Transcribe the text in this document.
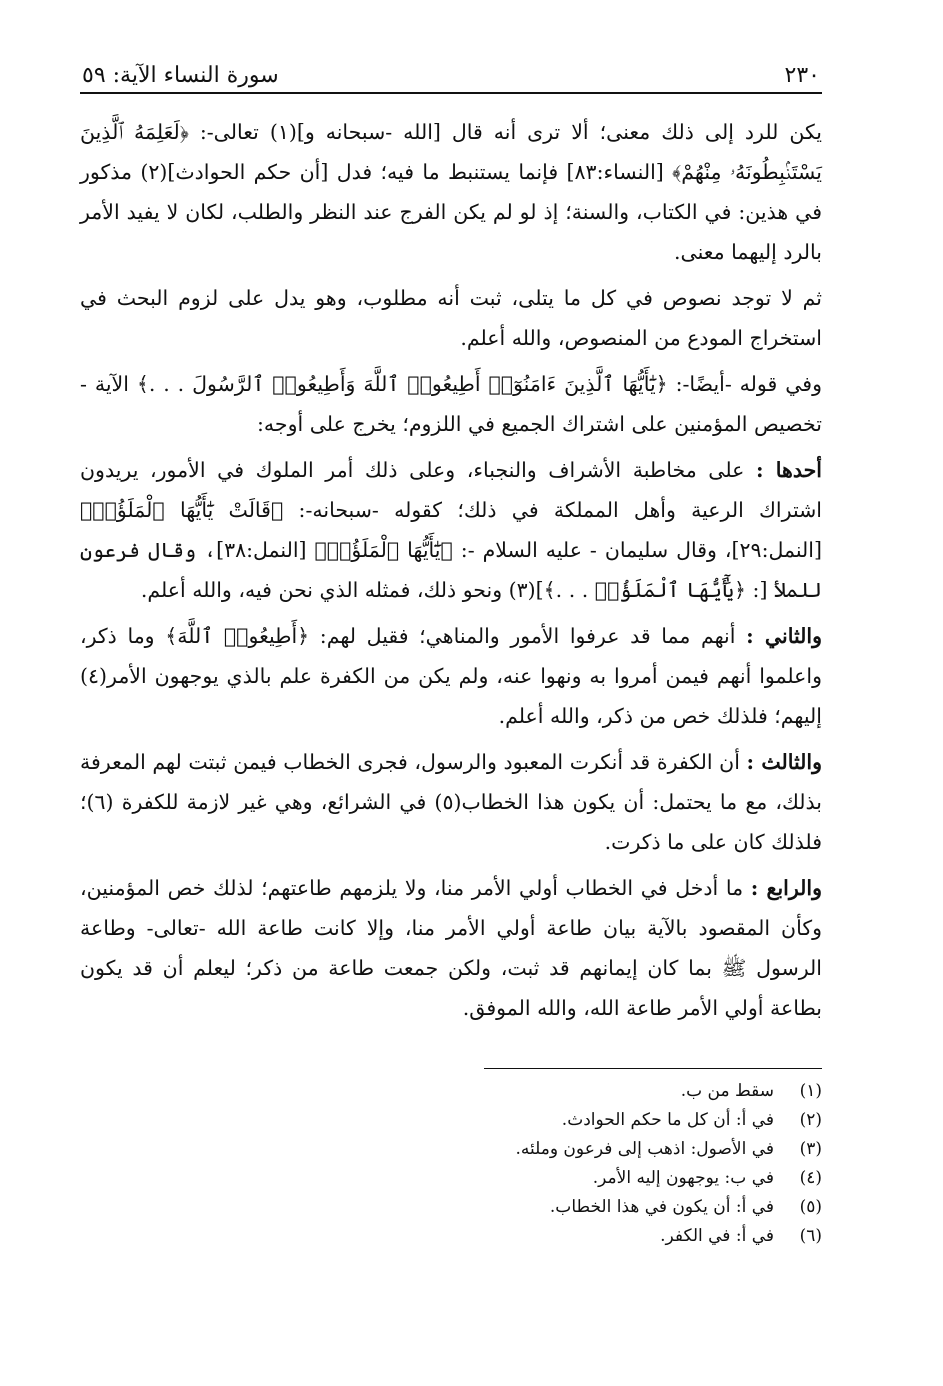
٢٣٠
سورة النساء الآية: ٥٩

يكن للرد إلى ذلك معنى؛ ألا ترى أنه قال [الله -سبحانه و](١) تعالى-: ﴿لَعَلِمَهُ ٱلَّذِينَ يَسْتَنۢبِطُونَهُۥ مِنْهُمْ﴾ [النساء:٨٣] فإنما يستنبط ما فيه؛ فدل [أن حكم الحوادث](٢) مذكور في هذين: في الكتاب، والسنة؛ إذ لو لم يكن الفرج عند النظر والطلب، لكان لا يفيد الأمر بالرد إليهما معنى.

ثم لا توجد نصوص في كل ما يتلى، ثبت أنه مطلوب، وهو يدل على لزوم البحث في استخراج المودع من المنصوص، والله أعلم.

وفي قوله -أيضًا-: ﴿يَٰٓأَيُّهَا ٱلَّذِينَ ءَامَنُوٓا۟ أَطِيعُوا۟ ٱللَّهَ وَأَطِيعُوا۟ ٱلرَّسُولَ . . .﴾ الآية - تخصيص المؤمنين على اشتراك الجميع في اللزوم؛ يخرج على أوجه:

أحدها : على مخاطبة الأشراف والنجباء، وعلى ذلك أمر الملوك في الأمور، يريدون اشتراك الرعية وأهل المملكة في ذلك؛ كقوله -سبحانه-: ﴿قَالَتْ يَٰٓأَيُّهَا ٱلْمَلَؤُا۟﴾ [النمل:٢٩]، وقال سليمان - عليه السلام -: ﴿يَٰٓأَيُّهَا ٱلْمَلَؤُا۟﴾ [النمل:٣٨]، وقال فرعون للملأ [: ﴿يَٰٓأَيُّهَا ٱلْمَلَؤُا۟ . . .﴾](٣) ونحو ذلك، فمثله الذي نحن فيه، والله أعلم.

والثاني : أنهم مما قد عرفوا الأمور والمناهي؛ فقيل لهم: ﴿أَطِيعُوا۟ ٱللَّهَ﴾ وما ذكر، واعلموا أنهم فيمن أمروا به ونهوا عنه، ولم يكن من الكفرة علم بالذي يوجهون الأمر(٤) إليهم؛ فلذلك خص من ذكر، والله أعلم.

والثالث : أن الكفرة قد أنكرت المعبود والرسول، فجرى الخطاب فيمن ثبتت لهم المعرفة بذلك، مع ما يحتمل: أن يكون هذا الخطاب(٥) في الشرائع، وهي غير لازمة للكفرة (٦)؛ فلذلك كان على ما ذكرت.

والرابع : ما أدخل في الخطاب أولي الأمر منا، ولا يلزمهم طاعتهم؛ لذلك خص المؤمنين، وكأن المقصود بالآية بيان طاعة أولي الأمر منا، وإلا كانت طاعة الله -تعالى- وطاعة الرسول ﷺ بما كان إيمانهم قد ثبت، ولكن جمعت طاعة من ذكر؛ ليعلم أن قد يكون بطاعة أولي الأمر طاعة الله، والله الموفق.

(١)
سقط من ب.
(٢)
في أ: أن كل ما حكم الحوادث.
(٣)
في الأصول: اذهب إلى فرعون وملئه.
(٤)
في ب: يوجهون إليه الأمر.
(٥)
في أ: أن يكون في هذا الخطاب.
(٦)
في أ: في الكفر.
